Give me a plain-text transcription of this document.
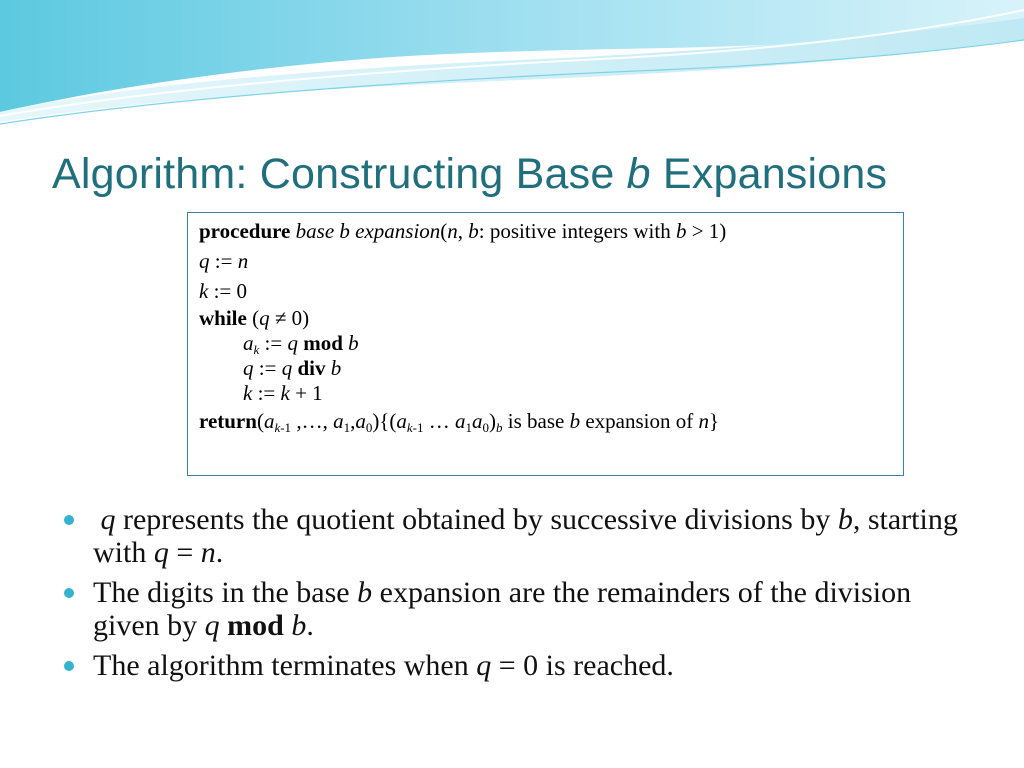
Algorithm: Constructing Base b Expansions
procedure base b expansion(n, b: positive integers with b > 1)
q := n
k := 0
while (q ≠ 0)
$a_k$ := q mod b
q := q div b
k := k + 1
$return(a_{k-1}$ ,…, $a_1,a_0)\{(a_{k-1}$ … $a_1a_0)_b$ is base b expansion of n}
q represents the quotient obtained by successive divisions by b, starting with q = n.
The digits in the base b expansion are the remainders of the division given by q mod b.
The algorithm terminates when q = 0 is reached.
